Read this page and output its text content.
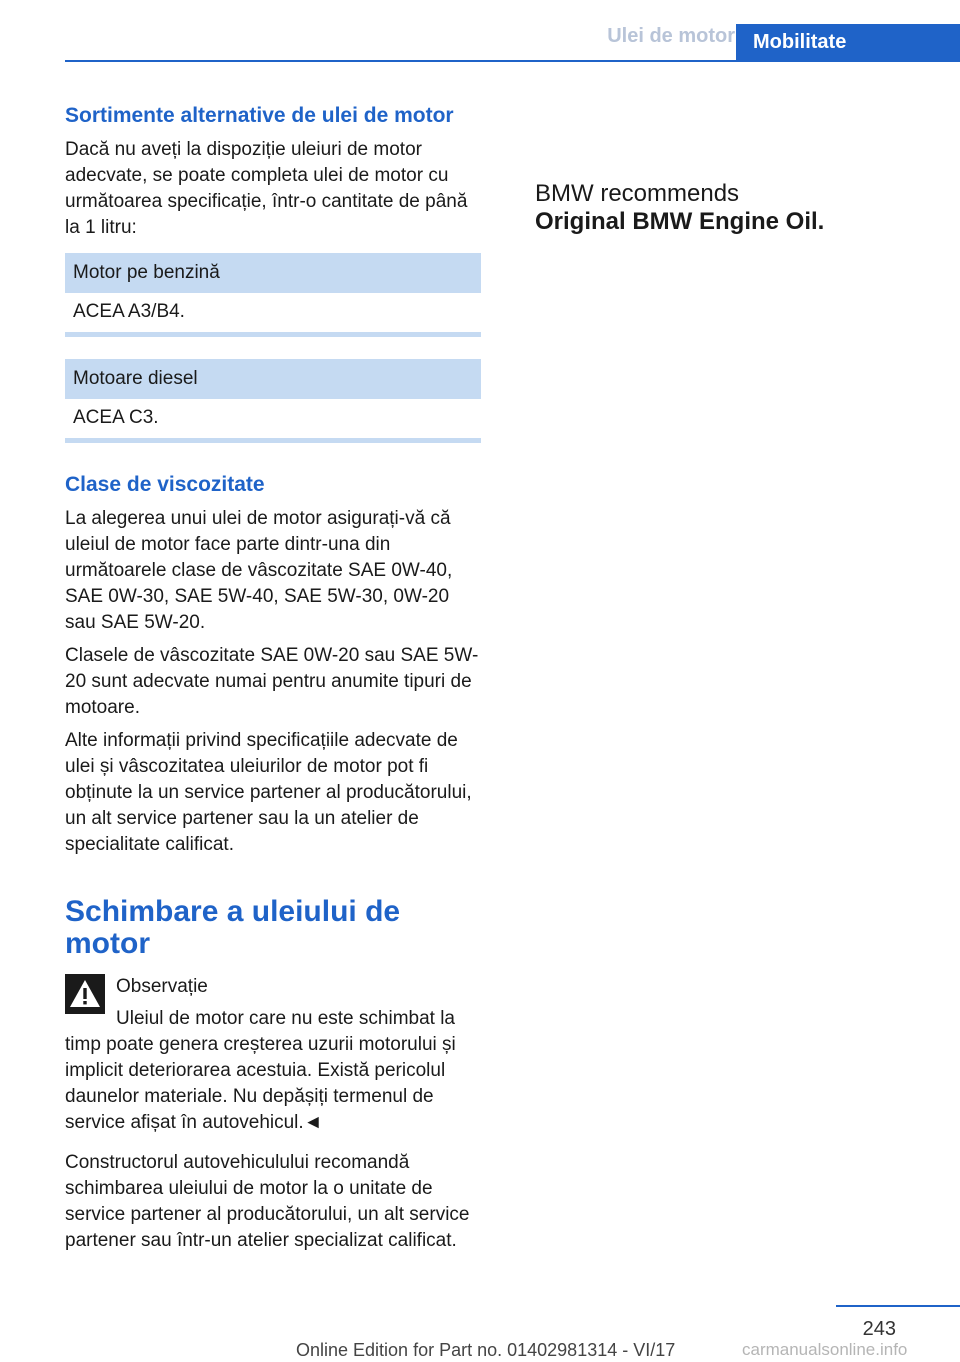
Ulei de motor Mobilitate
Sortimente alternative de ulei de motor

Dacă nu aveți la dispoziție uleiuri de motor adecvate, se poate completa ulei de motor cu următoarea specificație, într-o cantitate de până la 1 litru:

Motor pe benzină
ACEA A3/B4.
Motoare diesel
ACEA C3.
Clase de viscozitate

La alegerea unui ulei de motor asigurați-vă că uleiul de motor face parte dintr-una din următoarele clase de vâscozitate SAE 0W-40, SAE 0W-30, SAE 5W-40, SAE 5W-30, 0W-20 sau SAE 5W-20.

Clasele de vâscozitate SAE 0W-20 sau SAE 5W-20 sunt adecvate numai pentru anumite tipuri de motoare.

Alte informații privind specificațiile adecvate de ulei și vâscozitatea uleiurilor de motor pot fi obținute la un service partener al producătorului, un alt service partener sau la un atelier de specialitate calificat.

Schimbare a uleiului de motor
Observație
Uleiul de motor care nu este schimbat la timp poate genera creșterea uzurii motorului și implicit deteriorarea acestuia. Există pericolul daunelor materiale. Nu depășiți termenul de service afișat în autovehicul.◄

Constructorul autovehiculului recomandă schimbarea uleiului de motor la o unitate de service partener al producătorului, un alt service partener sau într-un atelier specializat calificat.

BMW recommends
Original BMW Engine Oil.
243
Online Edition for Part no. 01402981314 - VI/17	carmanualsonline.info
